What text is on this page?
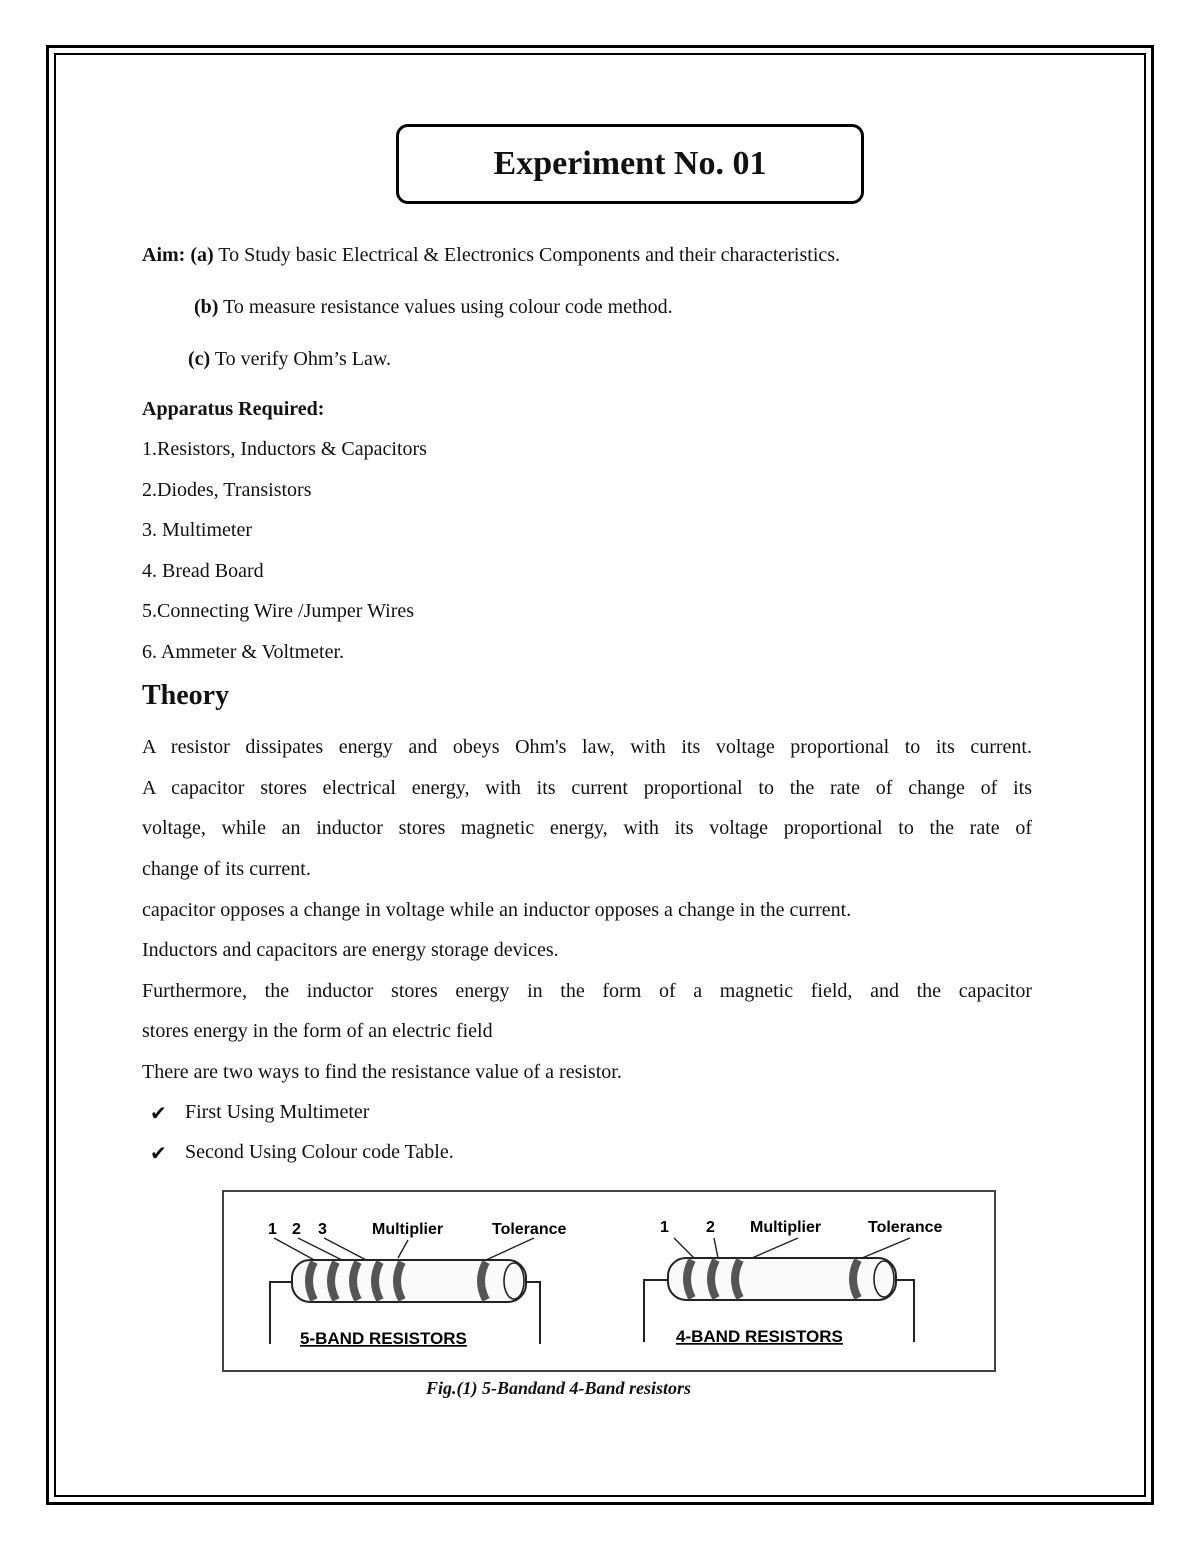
Experiment No. 01
Aim: (a) To Study basic Electrical & Electronics Components and their characteristics.
(b) To measure resistance values using colour code method.
(c) To verify Ohm’s Law.
Apparatus Required:
1.Resistors, Inductors & Capacitors
2.Diodes, Transistors
3. Multimeter
4. Bread Board
5.Connecting Wire /Jumper Wires
6. Ammeter & Voltmeter.
Theory
A resistor dissipates energy and obeys Ohm's law, with its voltage proportional to its current.
A capacitor stores electrical energy, with its current proportional to the rate of change of its
voltage, while an inductor stores magnetic energy, with its voltage proportional to the rate of
change of its current.
capacitor opposes a change in voltage while an inductor opposes a change in the current.
Inductors and capacitors are energy storage devices.
Furthermore, the inductor stores energy in the form of a magnetic field, and the capacitor
stores energy in the form of an electric field
There are two ways to find the resistance value of a resistor.
✔ First Using Multimeter
✔ Second Using Colour code Table.
1 2 3	Multiplier	Tolerance
5-BAND RESISTORS
1 2 Multiplier	Tolerance
4-BAND RESISTORS
Fig.(1) 5-Bandand 4-Band resistors
